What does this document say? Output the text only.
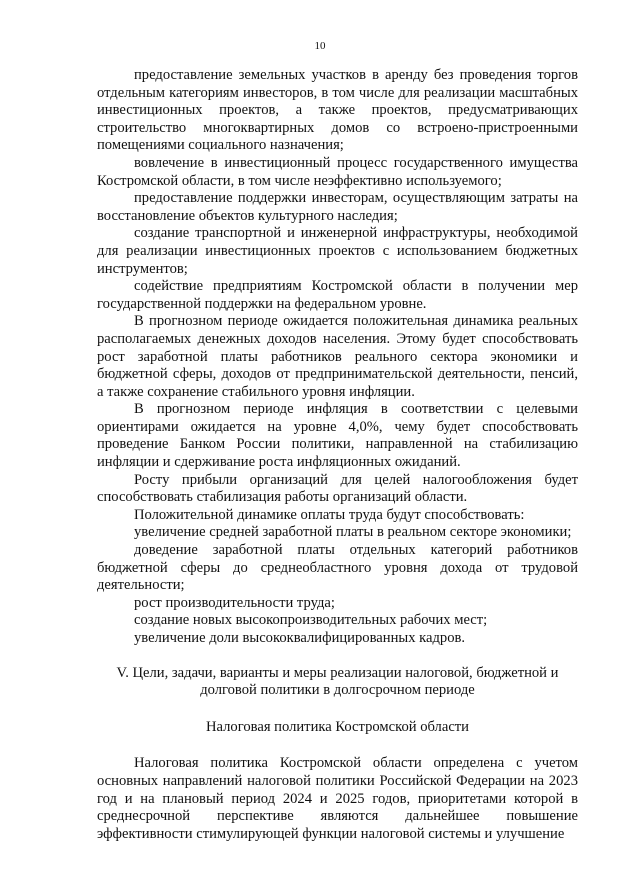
10

предоставление земельных участков в аренду без проведения торгов отдельным категориям инвесторов, в том числе для реализации масштабных инвестиционных проектов, а также проектов, предусматривающих строительство многоквартирных домов со встроено-пристроенными помещениями социального назначения;

вовлечение в инвестиционный процесс государственного имущества Костромской области, в том числе неэффективно используемого;

предоставление поддержки инвесторам, осуществляющим затраты на восстановление объектов культурного наследия;

создание транспортной и инженерной инфраструктуры, необходимой для реализации инвестиционных проектов с использованием бюджетных инструментов;

содействие предприятиям Костромской области в получении мер государственной поддержки на федеральном уровне.

В прогнозном периоде ожидается положительная динамика реальных располагаемых денежных доходов населения. Этому будет способствовать рост заработной платы работников реального сектора экономики и бюджетной сферы, доходов от предпринимательской деятельности, пенсий, а также сохранение стабильного уровня инфляции.

В прогнозном периоде инфляция в соответствии с целевыми ориентирами ожидается на уровне 4,0%, чему будет способствовать проведение Банком России политики, направленной на стабилизацию инфляции и сдерживание роста инфляционных ожиданий.

Росту прибыли организаций для целей налогообложения будет способствовать стабилизация работы организаций области.

Положительной динамике оплаты труда будут способствовать:

увеличение средней заработной платы в реальном секторе экономики;

доведение заработной платы отдельных категорий работников бюджетной сферы до среднеобластного уровня дохода от трудовой деятельности;

рост производительности труда;

создание новых высокопроизводительных рабочих мест;

увеличение доли высококвалифицированных кадров.

V. Цели, задачи, варианты и меры реализации налоговой, бюджетной и
долговой политики в долгосрочном периоде
Налоговая политика Костромской области

Налоговая политика Костромской области определена с учетом основных направлений налоговой политики Российской Федерации на 2023 год и на плановый период 2024 и 2025 годов, приоритетами которой в среднесрочной перспективе являются дальнейшее повышение эффективности стимулирующей функции налоговой системы и улучшение
